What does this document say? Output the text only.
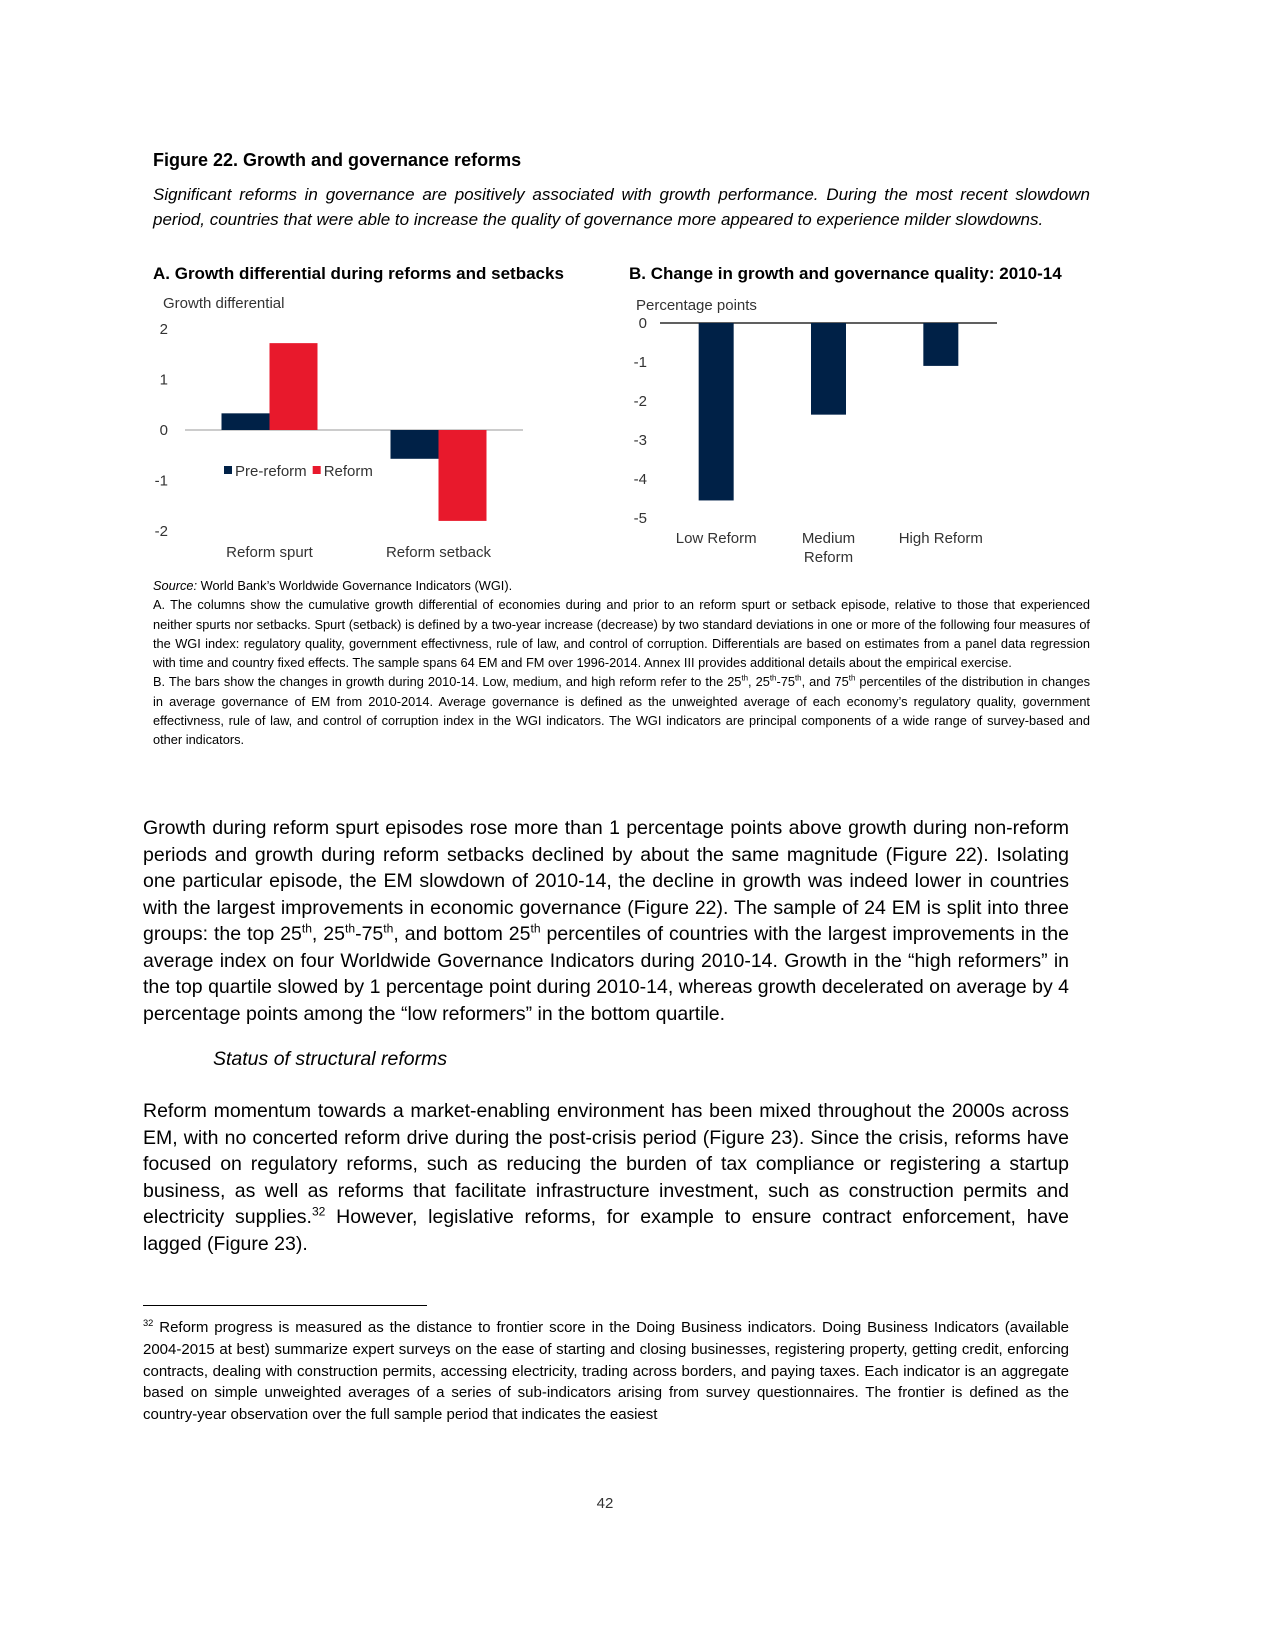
Figure 22. Growth and governance reforms
Significant reforms in governance are positively associated with growth performance. During the most recent slowdown period, countries that were able to increase the quality of governance more appeared to experience milder slowdowns.
A. Growth differential during reforms and setbacks	B. Change in growth and governance quality: 2010-14
Growth differential
2
1
0
-1
-2
Reform spurt	Reform setback
Pre-reform Reform
Percentage points
0
-1
-2
-3
-4
-5
Low Reform	Medium
Reform
High Reform

Source: World Bank’s Worldwide Governance Indicators (WGI).

A. The columns show the cumulative growth differential of economies during and prior to an reform spurt or setback episode, relative to those that experienced neither spurts nor setbacks. Spurt (setback) is defined by a two-year increase (decrease) by two standard deviations in one or more of the following four measures of the WGI index: regulatory quality, government effectivness, rule of law, and control of corruption. Differentials are based on estimates from a panel data regression with time and country fixed effects. The sample spans 64 EM and FM over 1996-2014. Annex III provides additional details about the empirical exercise.

B. The bars show the changes in growth during 2010-14. Low, medium, and high reform refer to the 25th, 25th-75th, and 75th percentiles of the distribution in changes in average governance of EM from 2010-2014. Average governance is defined as the unweighted average of each economy’s regulatory quality, government effectivness, rule of law, and control of corruption index in the WGI indicators. The WGI indicators are principal components of a wide range of survey-based and other indicators.

Growth during reform spurt episodes rose more than 1 percentage points above growth during non-reform periods and growth during reform setbacks declined by about the same magnitude (Figure 22). Isolating one particular episode, the EM slowdown of 2010-14, the decline in growth was indeed lower in countries with the largest improvements in economic governance (Figure 22). The sample of 24 EM is split into three groups: the top 25th, 25th-75th, and bottom 25th percentiles of countries with the largest improvements in the average index on four Worldwide Governance Indicators during 2010-14. Growth in the “high reformers” in the top quartile slowed by 1 percentage point during 2010-14, whereas growth decelerated on average by 4 percentage points among the “low reformers” in the bottom quartile.

Status of structural reforms

Reform momentum towards a market-enabling environment has been mixed throughout the 2000s across EM, with no concerted reform drive during the post-crisis period (Figure 23). Since the crisis, reforms have focused on regulatory reforms, such as reducing the burden of tax compliance or registering a startup business, as well as reforms that facilitate infrastructure investment, such as construction permits and electricity supplies.$^{32}$ However, legislative reforms, for example to ensure contract enforcement, have lagged (Figure 23).

$^{32}$ Reform progress is measured as the distance to frontier score in the Doing Business indicators. Doing Business Indicators (available 2004-2015 at best) summarize expert surveys on the ease of starting and closing businesses, registering property, getting credit, enforcing contracts, dealing with construction permits, accessing electricity, trading across borders, and paying taxes. Each indicator is an aggregate based on simple unweighted averages of a series of sub-indicators arising from survey questionnaires. The frontier is defined as the country-year observation over the full sample period that indicates the easiest
42
